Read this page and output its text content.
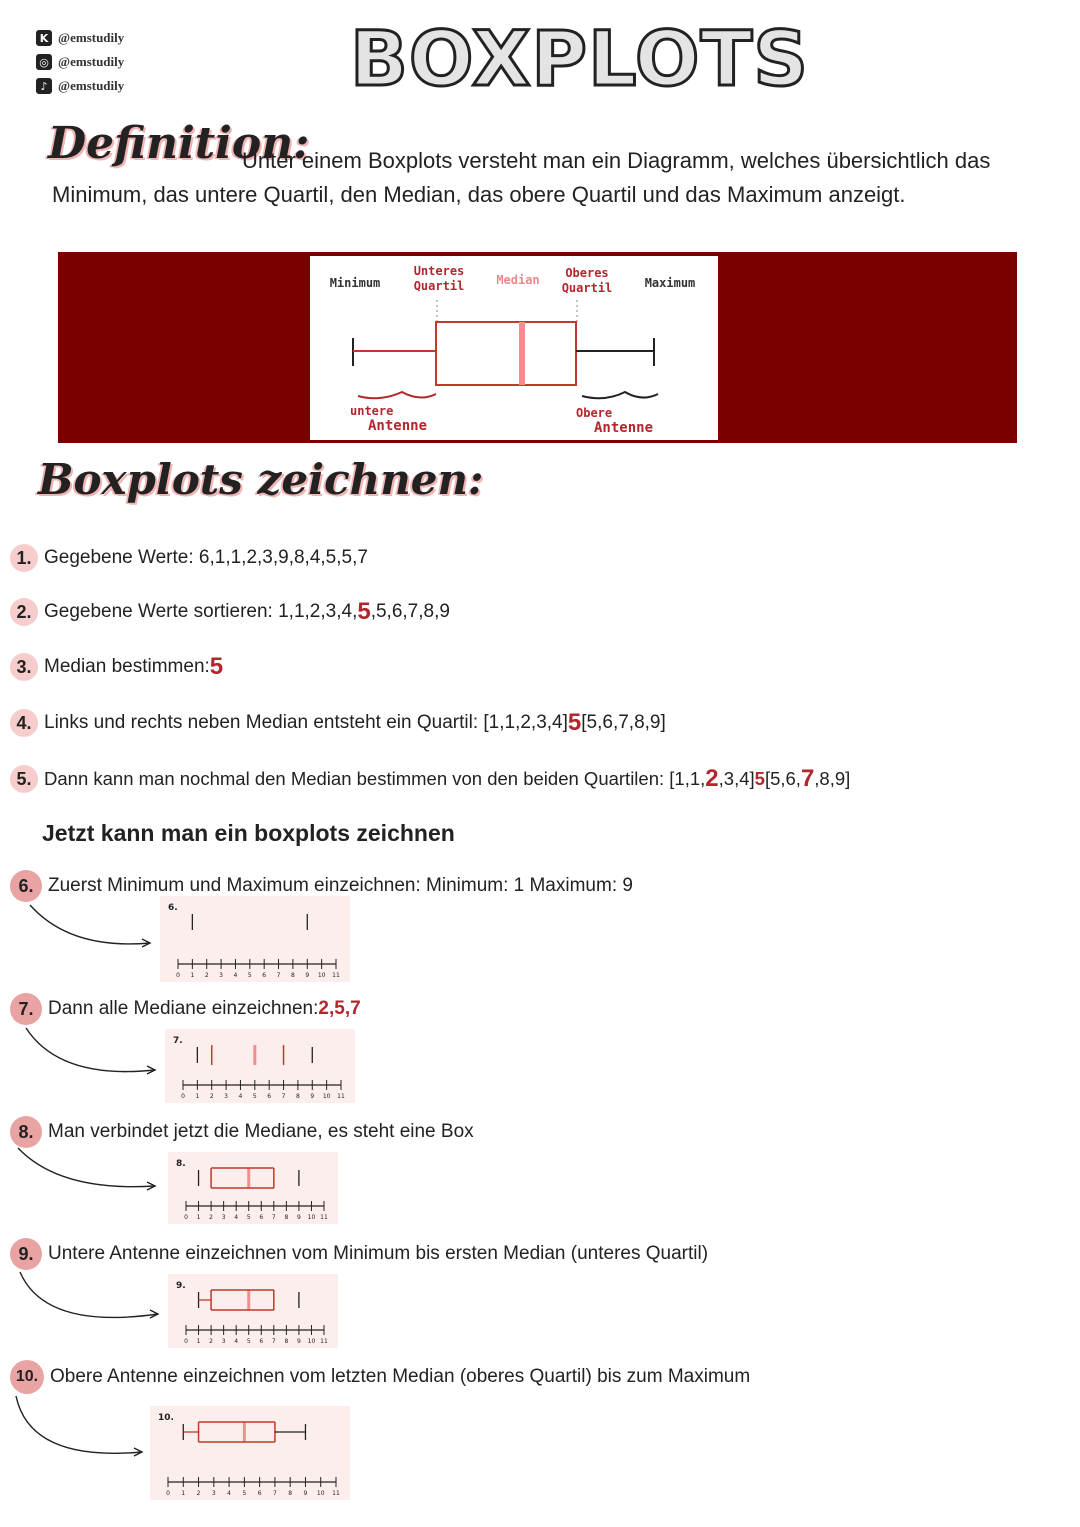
K @emstudily
◎ @emstudily
♪ @emstudily	BOXPLOTS
Definition:
Unter einem Boxplots versteht man ein Diagramm, welches übersichtlich das Minimum, das untere Quartil, den Median, das obere Quartil und das Maximum anzeigt.
Minimum
Unteres
Quartil	Median	Oberes
Quartil	Maximum
untere
Antenne
Obere
Antenne
Boxplots zeichnen:
1. Gegebene Werte: 6,1,1,2,3,9,8,4,5,5,7
2. Gegebene Werte sortieren: 1,1,2,3,4, 5 ,5,6,7,8,9
3. Median bestimmen: 5
4. Links und rechts neben Median entsteht ein Quartil: [1,1,2,3,4] 5 [5,6,7,8,9]
5. Dann kann man nochmal den Median bestimmen von den beiden Quartilen: [1,1, 2 ,3,4] 5 [5,6, 7 ,8,9]
Jetzt kann man ein boxplots zeichnen
6. Zuerst Minimum und Maximum einzeichnen: Minimum: 1 Maximum: 9
7. Dann alle Mediane einzeichnen: 2,5,7
8. Man verbindet jetzt die Mediane, es steht eine Box
9. Untere Antenne einzeichnen vom Minimum bis ersten Median (unteres Quartil)
10. Obere Antenne einzeichnen vom letzten Median (oberes Quartil) bis zum Maximum
6.
0 1 2 3 4 5 6 7 8 9 10 11
7.
0 1 2 3 4 5 6 7 8 9 10 11
8.
0 1 2 3 4 5 6 7 8 9 10 11
9.
0 1 2 3 4 5 6 7 8 9 10 11
10.
0 1 2 3 4 5 6 7 8 9 10 11
